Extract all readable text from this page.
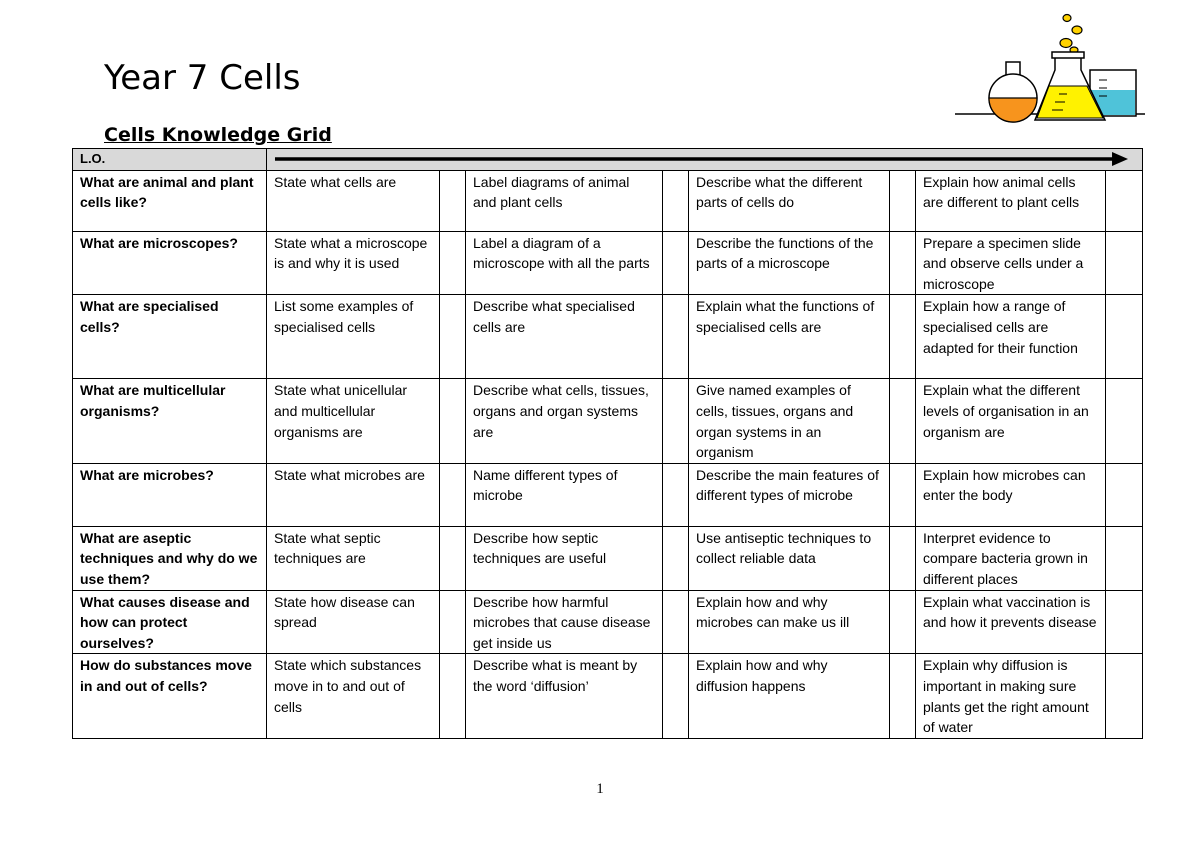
Year 7 Cells
Cells Knowledge Grid
L.O.	

What are animal and plant cells like?	State what cells are		Label diagrams of animal and plant cells		Describe what the different parts of cells do		Explain how animal cells are different to plant cells	
What are microscopes?	State what a microscope is and why it is used		Label a diagram of a microscope with all the parts		Describe the functions of the parts of a microscope		Prepare a specimen slide and observe cells under a microscope	
What are specialised cells?	List some examples of specialised cells		Describe what specialised cells are		Explain what the functions of specialised cells are		Explain how a range of specialised cells are adapted for their function	
What are multicellular organisms?	State what unicellular and multicellular organisms are		Describe what cells, tissues, organs and organ systems are		Give named examples of cells, tissues, organs and organ systems in an organism		Explain what the different levels of organisation in an organism are	
What are microbes?	State what microbes are		Name different types of microbe		Describe the main features of different types of microbe		Explain how microbes can enter the body	
What are aseptic techniques and why do we use them?	State what septic techniques are		Describe how septic techniques are useful		Use antiseptic techniques to collect reliable data		Interpret evidence to compare bacteria grown in different places	
What causes disease and how can protect ourselves?	State how disease can spread		Describe how harmful microbes that cause disease get inside us		Explain how and why microbes can make us ill		Explain what vaccination is and how it prevents disease	
How do substances move in and out of cells?	State which substances move in to and out of cells		Describe what is meant by the word ‘diffusion’		Explain how and why diffusion happens		Explain why diffusion is important in making sure plants get the right amount of water	
1
